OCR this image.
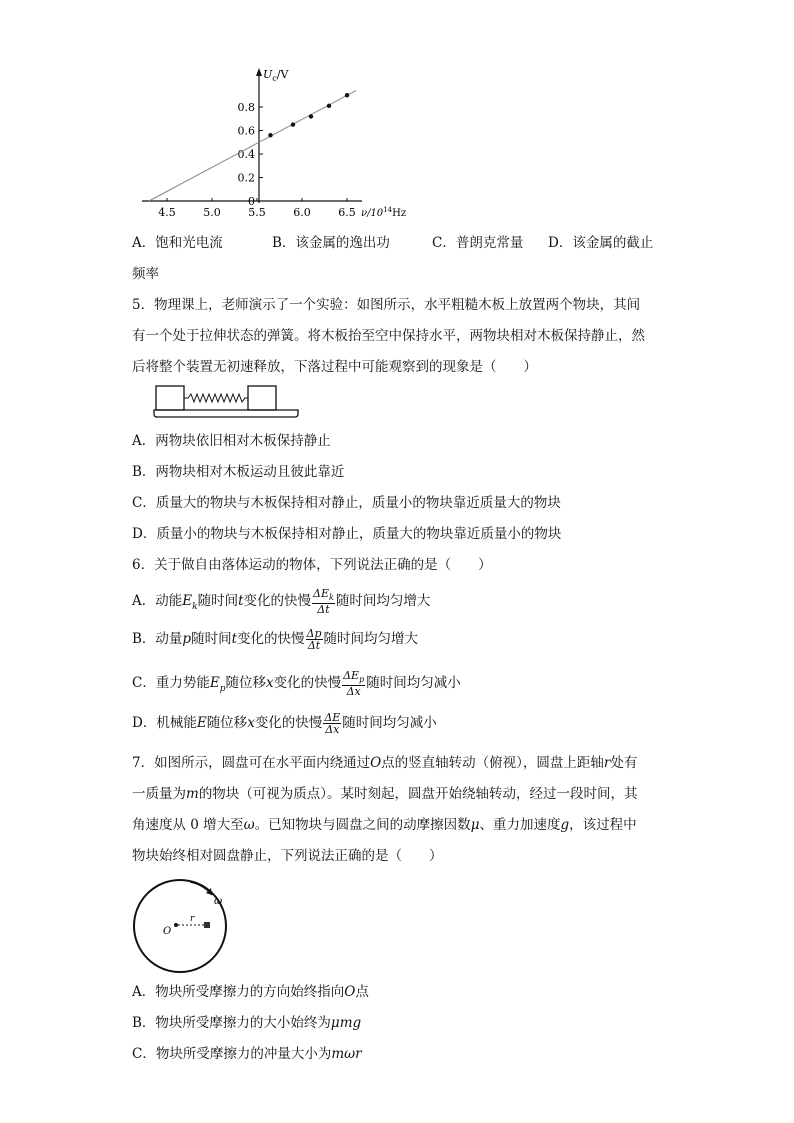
$U_c/V$
0.8
0.6
0.4
0.2
0
4.5	5.0	5.5	6.0	6.5 $\nu/10^{14}Hz$
A．饱和光电流	B．该金属的逸出功	C．普朗克常量 D．该金属的截止
频率
5．物理课上，老师演示了一个实验：如图所示，水平粗糙木板上放置两个物块，其间
有一个处于拉伸状态的弹簧。将木板抬至空中保持水平，两物块相对木板保持静止，然
后将整个装置无初速释放，下落过程中可能观察到的现象是（　　）
A．两物块依旧相对木板保持静止
B．两物块相对木板运动且彼此靠近
C．质量大的物块与木板保持相对静止，质量小的物块靠近质量大的物块
D．质量小的物块与木板保持相对静止，质量大的物块靠近质量小的物块
6．关于做自由落体运动的物体，下列说法正确的是（　　）
A．动能$E_k$随时间t变化的快慢 $\frac{\Delta E_k}{\Delta t}$ 随时间均匀增大
B．动量p随时间t变化的快慢 $\frac{\Delta p}{\Delta t}$ 随时间均匀增大
C．重力势能$E_p$随位移x变化的快慢 $\frac{\Delta E_p}{\Delta x}$ 随时间均匀减小
D．机械能E随位移x变化的快慢 $\frac{\Delta E}{\Delta x}$ 随时间均匀减小
7．如图所示，圆盘可在水平面内绕通过O点的竖直轴转动（俯视），圆盘上距轴r处有
一质量为m的物块（可视为质点）。某时刻起，圆盘开始绕轴转动，经过一段时间，其
角速度从 0 增大至ω。已知物块与圆盘之间的动摩擦因数μ、重力加速度g，该过程中
物块始终相对圆盘静止，下列说法正确的是（　　）
ω
r
O
A．物块所受摩擦力的方向始终指向O点
B．物块所受摩擦力的大小始终为μmg
C．物块所受摩擦力的冲量大小为mωr
